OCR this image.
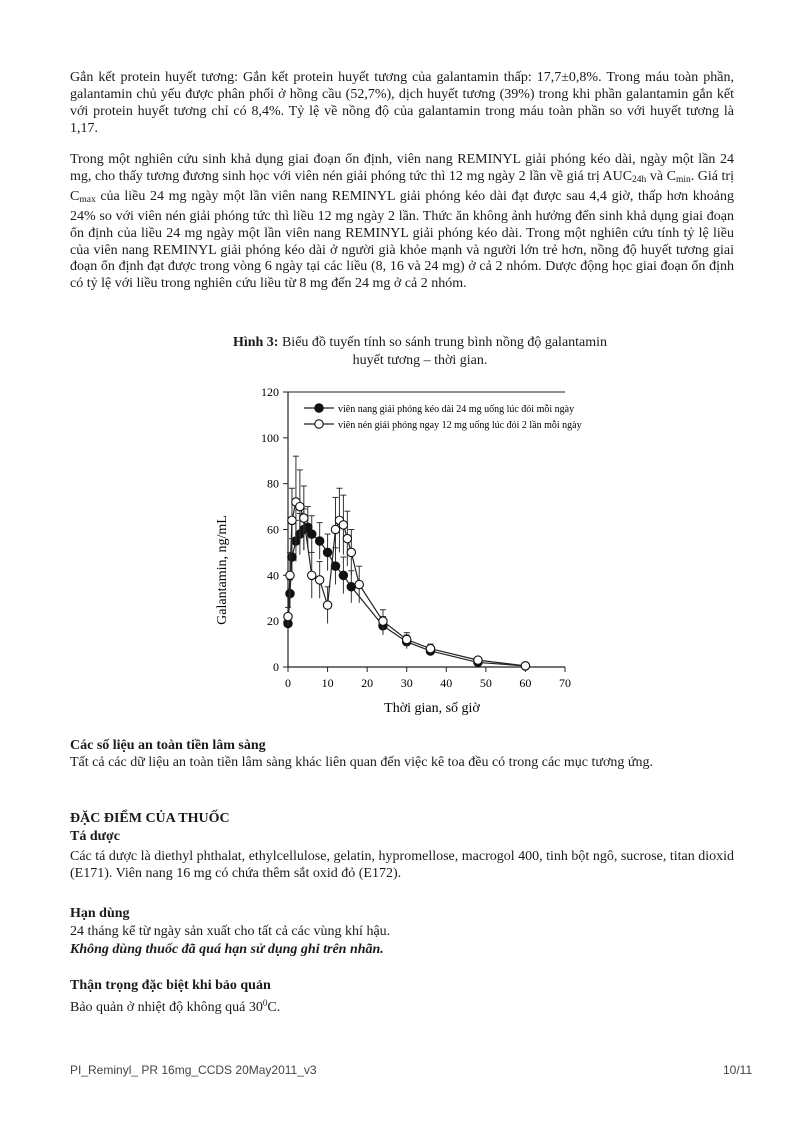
Gắn kết protein huyết tương: Gắn kết protein huyết tương của galantamin thấp: 17,7±0,8%. Trong máu toàn phần, galantamin chủ yếu được phân phối ở hồng cầu (52,7%), dịch huyết tương (39%) trong khi phần galantamin gắn kết với protein huyết tương chỉ có 8,4%. Tỷ lệ về nồng độ của galantamin trong máu toàn phần so với huyết tương là 1,17.

Trong một nghiên cứu sinh khả dụng giai đoạn ổn định, viên nang REMINYL giải phóng kéo dài, ngày một lần 24 mg, cho thấy tương đương sinh học với viên nén giải phóng tức thì 12 mg ngày 2 lần về giá trị $AUC_{24h}$ và $C_{min}$. Giá trị $C_{max}$ của liều 24 mg ngày một lần viên nang REMINYL giải phóng kéo dài đạt được sau 4,4 giờ, thấp hơn khoảng 24% so với viên nén giải phóng tức thì liều 12 mg ngày 2 lần. Thức ăn không ảnh hưởng đến sinh khả dụng giai đoạn ổn định của liều 24 mg ngày một lần viên nang REMINYL giải phóng kéo dài. Trong một nghiên cứu tính tỷ lệ liều của viên nang REMINYL giải phóng kéo dài ở người già khỏe mạnh và người lớn trẻ hơn, nồng độ huyết tương giai đoạn ổn định đạt được trong vòng 6 ngày tại các liều (8, 16 và 24 mg) ở cả 2 nhóm. Dược động học giai đoạn ổn định có tỷ lệ với liều trong nghiên cứu liều từ 8 mg đến 24 mg ở cả 2 nhóm.

Hình 3: Biểu đồ tuyến tính so sánh trung bình nồng độ galantamin
huyết tương – thời gian.
0	10 20 30 40 50 60 70
0
20
40
60
80
100
120
viên nang giải phóng kéo dài 24 mg uống lúc đói mỗi ngày
viên nén giải phóng ngay 12 mg uống lúc đói 2 lần mỗi ngày
Thời gian, số giờ
Galantamin, ng/mL
Các số liệu an toàn tiền lâm sàng
Tất cả các dữ liệu an toàn tiền lâm sàng khác liên quan đến việc kê toa đều có trong các mục tương ứng.
ĐẶC ĐIỂM CỦA THUỐC
Tá dược
Các tá dược là diethyl phthalat, ethylcellulose, gelatin, hypromellose, macrogol 400, tinh bột ngô, sucrose, titan dioxid (E171). Viên nang 16 mg có chứa thêm sắt oxid đỏ (E172).
Hạn dùng
24 tháng kể từ ngày sản xuất cho tất cả các vùng khí hậu.
Không dùng thuốc đã quá hạn sử dụng ghi trên nhãn.
Thận trọng đặc biệt khi bảo quản
Bảo quản ở nhiệt độ không quá $30^0C$.
PI_Reminyl_ PR 16mg_CCDS 20May2011_v3	10/11
